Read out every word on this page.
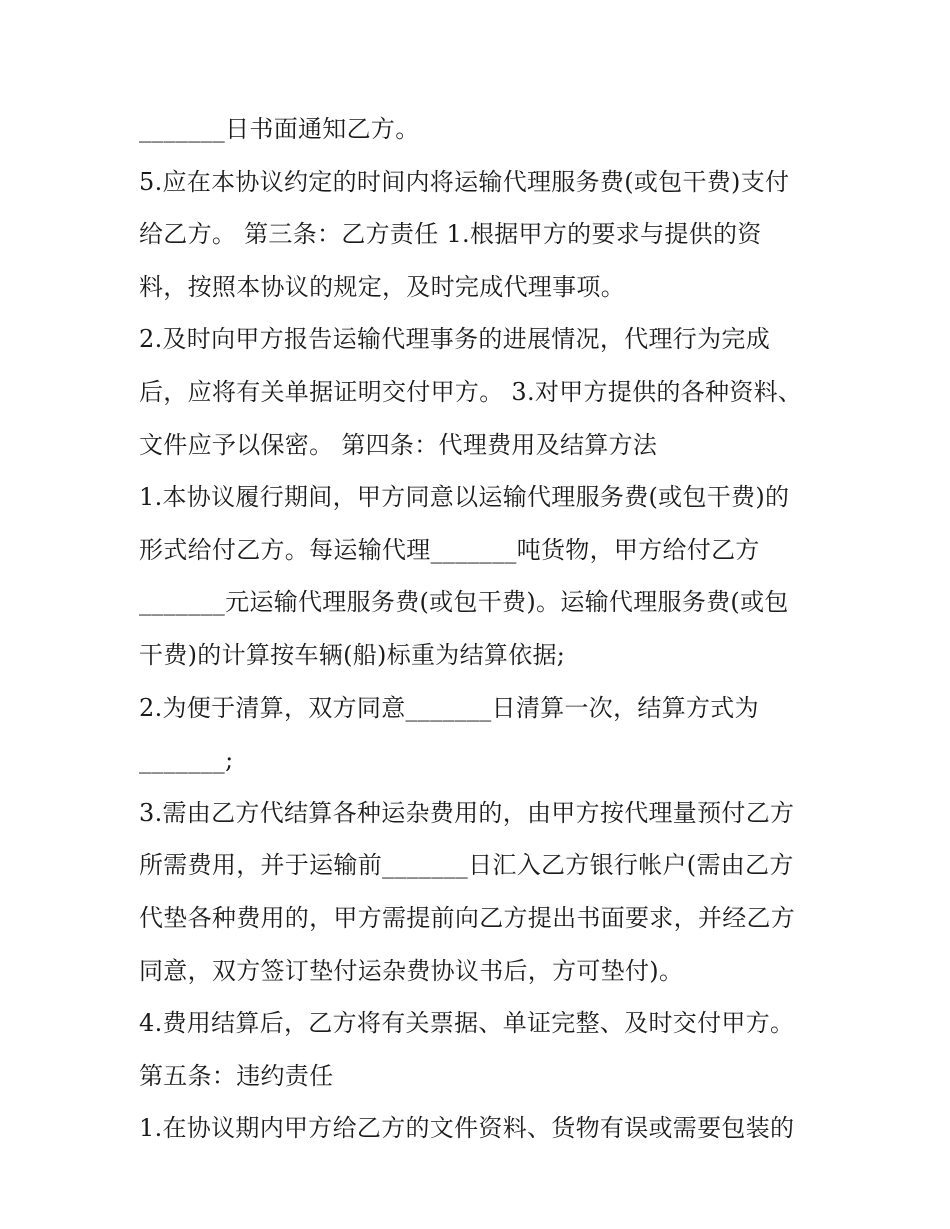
_______日书面通知乙方。
5.应在本协议约定的时间内将运输代理服务费(或包干费)支付
给乙方。 第三条：乙方责任 1.根据甲方的要求与提供的资
料，按照本协议的规定，及时完成代理事项。
2.及时向甲方报告运输代理事务的进展情况，代理行为完成
后，应将有关单据证明交付甲方。 3.对甲方提供的各种资料、
文件应予以保密。 第四条：代理费用及结算方法
1.本协议履行期间，甲方同意以运输代理服务费(或包干费)的
形式给付乙方。每运输代理_______吨货物，甲方给付乙方
_______元运输代理服务费(或包干费)。运输代理服务费(或包
干费)的计算按车辆(船)标重为结算依据;
2.为便于清算，双方同意_______日清算一次，结算方式为
_______;
3.需由乙方代结算各种运杂费用的，由甲方按代理量预付乙方
所需费用，并于运输前_______日汇入乙方银行帐户(需由乙方
代垫各种费用的，甲方需提前向乙方提出书面要求，并经乙方
同意，双方签订垫付运杂费协议书后，方可垫付)。
4.费用结算后，乙方将有关票据、单证完整、及时交付甲方。
第五条：违约责任
1.在协议期内甲方给乙方的文件资料、货物有误或需要包装的
